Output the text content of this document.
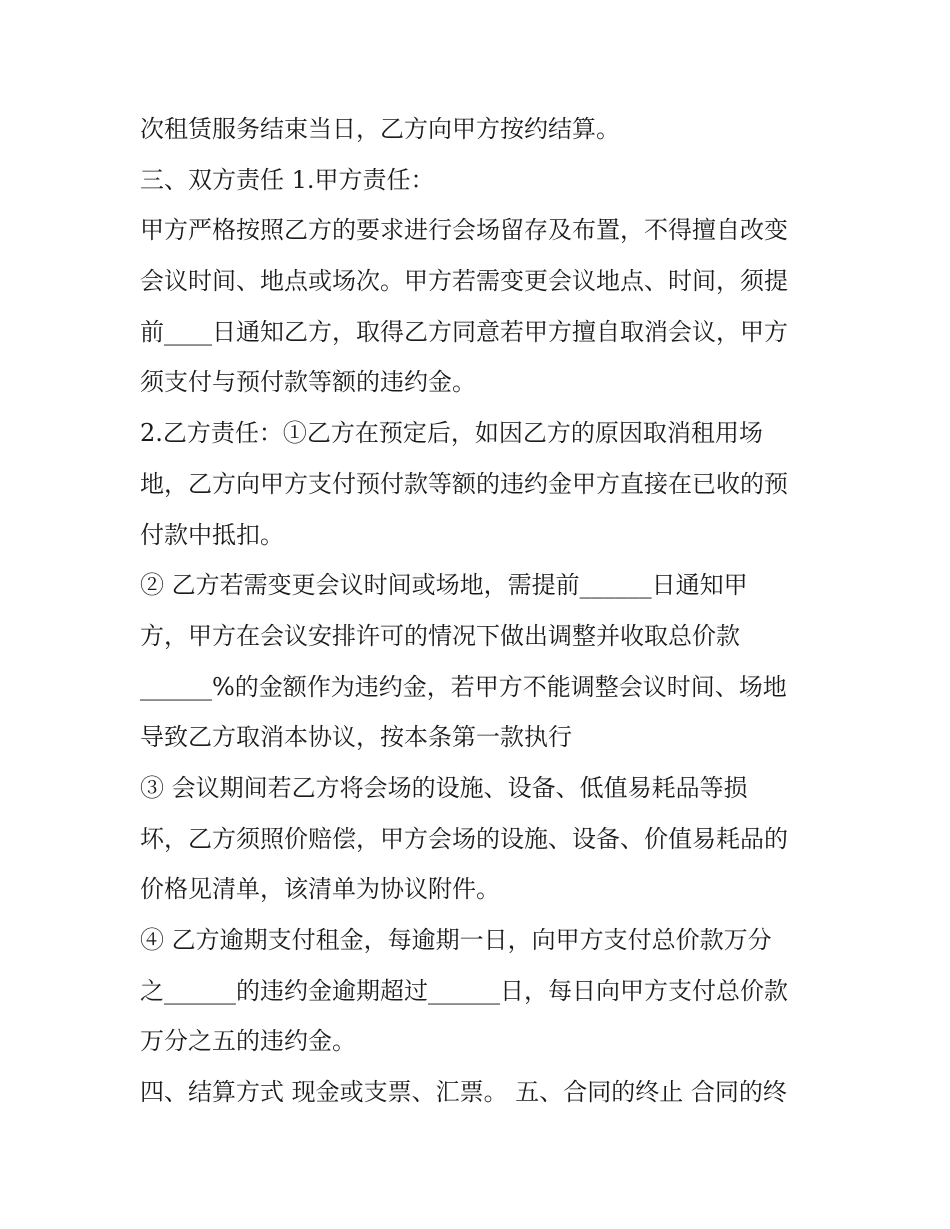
次租赁服务结束当日，乙方向甲方按约结算。
三、双方责任 1.甲方责任：
甲方严格按照乙方的要求进行会场留存及布置，不得擅自改变
会议时间、地点或场次。甲方若需变更会议地点、时间，须提
前____日通知乙方，取得乙方同意若甲方擅自取消会议，甲方
须支付与预付款等额的违约金。
2.乙方责任：①乙方在预定后，如因乙方的原因取消租用场
地，乙方向甲方支付预付款等额的违约金甲方直接在已收的预
付款中抵扣。
② 乙方若需变更会议时间或场地，需提前______日通知甲
方，甲方在会议安排许可的情况下做出调整并收取总价款
______%的金额作为违约金，若甲方不能调整会议时间、场地
导致乙方取消本协议，按本条第一款执行
③ 会议期间若乙方将会场的设施、设备、低值易耗品等损
坏，乙方须照价赔偿，甲方会场的设施、设备、价值易耗品的
价格见清单，该清单为协议附件。
④ 乙方逾期支付租金，每逾期一日，向甲方支付总价款万分
之______的违约金逾期超过______日，每日向甲方支付总价款
万分之五的违约金。
四、结算方式 现金或支票、汇票。 五、合同的终止 合同的终
